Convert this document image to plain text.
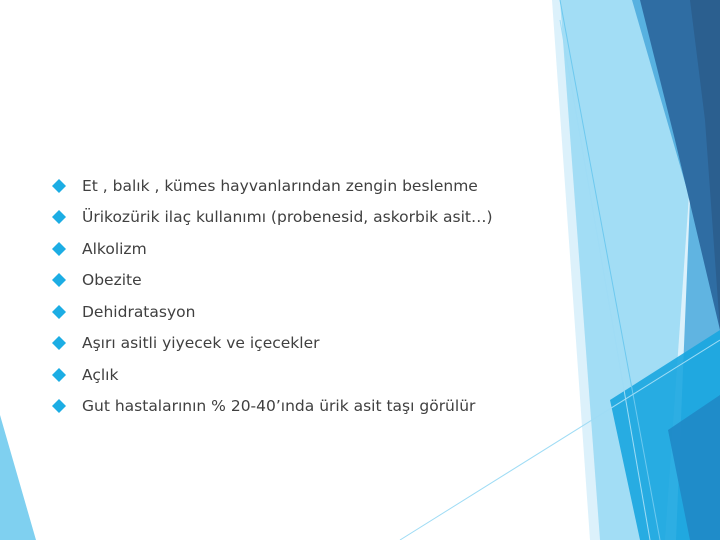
Et , balık , kümes hayvanlarından zengin beslenme
Ürikozürik ilaç kullanımı (probenesid, askorbik asit…)
Alkolizm
Obezite
Dehidratasyon
Aşırı asitli yiyecek ve içecekler
Açlık
Gut hastalarının % 20-40’ında ürik asit taşı görülür
